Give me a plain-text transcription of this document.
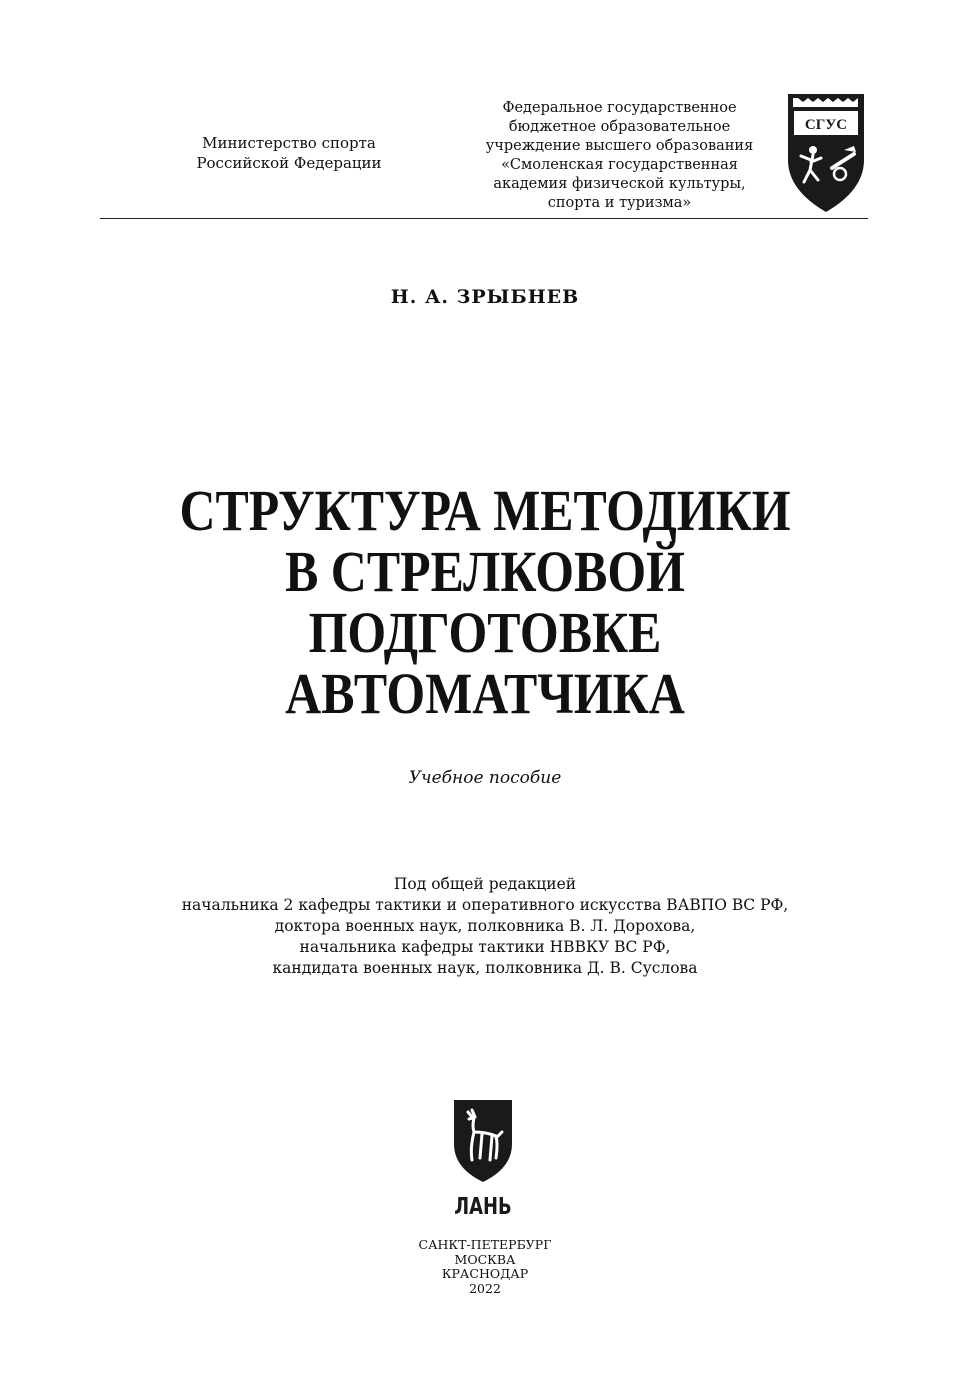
Министерство спорта
Российской Федерации
Федеральное государственное
бюджетное образовательное
учреждение высшего образования
«Смоленская государственная
академия физической культуры,
спорта и туризма»
СГУС
Н. А. ЗРЫБНЕВ
СТРУКТУРА МЕТОДИКИ
В СТРЕЛКОВОЙ
ПОДГОТОВКЕ
АВТОМАТЧИКА
Учебное пособие
Под общей редакцией
начальника 2 кафедры тактики и оперативного искусства ВАВПО ВС РФ,
доктора военных наук, полковника В. Л. Дорохова,
начальника кафедры тактики НВВКУ ВС РФ,
кандидата военных наук, полковника Д. В. Суслова
ЛАНЬ
САНКТ-ПЕТЕРБУРГ
МОСКВА
КРАСНОДАР
2022
